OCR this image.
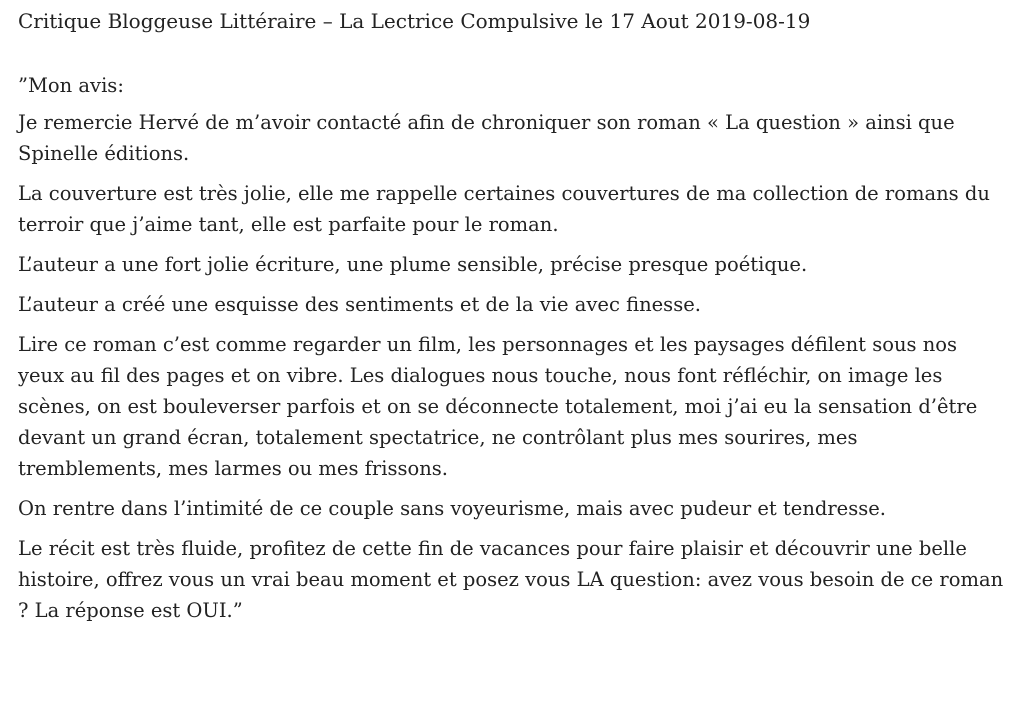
Critique Bloggeuse Littéraire – La Lectrice Compulsive le 17 Aout 2019-08-19

”Mon avis:

Je remercie Hervé de m’avoir contacté afin de chroniquer son roman « La question » ainsi que Spinelle éditions.

La couverture est très jolie, elle me rappelle certaines couvertures de ma collection de romans du terroir que j’aime tant, elle est parfaite pour le roman.

L’auteur a une fort jolie écriture, une plume sensible, précise presque poétique.

L’auteur a créé une esquisse des sentiments et de la vie avec finesse.

Lire ce roman c’est comme regarder un film, les personnages et les paysages défilent sous nos yeux au fil des pages et on vibre. Les dialogues nous touche, nous font réfléchir, on image les scènes, on est bouleverser parfois et on se déconnecte totalement, moi j’ai eu la sensation d’être devant un grand écran, totalement spectatrice, ne contrôlant plus mes sourires, mes tremblements, mes larmes ou mes frissons.

On rentre dans l’intimité de ce couple sans voyeurisme, mais avec pudeur et tendresse.

Le récit est très fluide, profitez de cette fin de vacances pour faire plaisir et découvrir une belle histoire, offrez vous un vrai beau moment et posez vous LA question: avez vous besoin de ce roman ? La réponse est OUI.”
